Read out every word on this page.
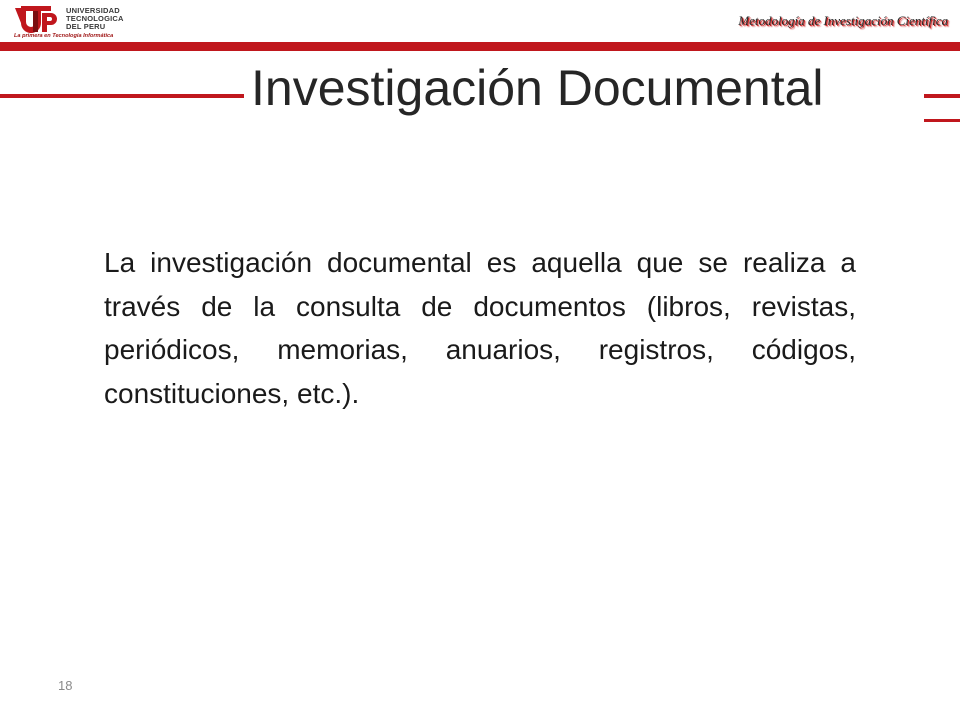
UNIVERSIDAD
TECNOLOGICA
DEL PERU
La primera en Tecnología Informática
Metodología de Investigación Científica
Investigación Documental

La investigación documental es aquella que se realiza a través de la consulta de documentos (libros, revistas, periódicos, memorias, anuarios, registros, códigos, constituciones, etc.).

18
